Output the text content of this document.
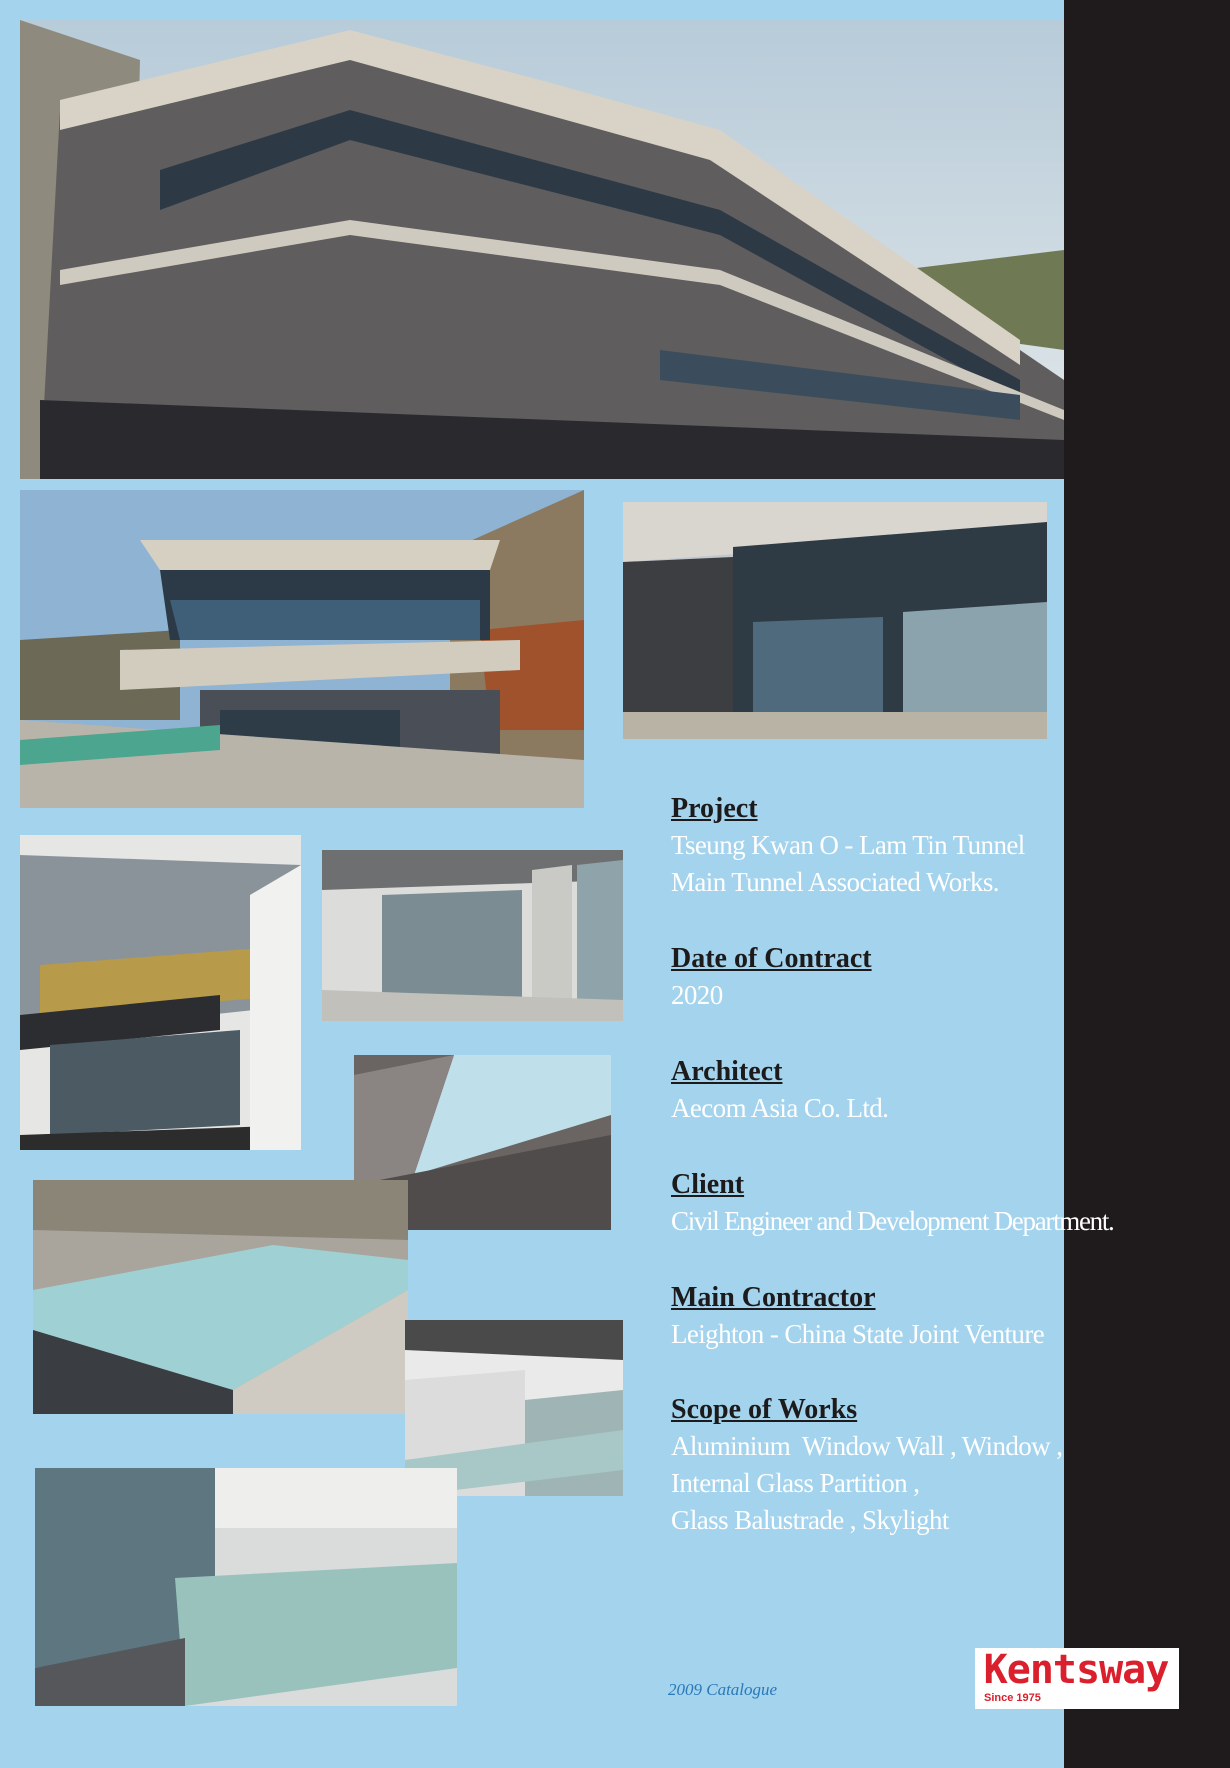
Project
Tseung Kwan O - Lam Tin Tunnel
Main Tunnel Associated Works.
Date of Contract
2020
Architect
Aecom Asia Co. Ltd.
Client
Civil Engineer and Development Department.
Main Contractor
Leighton - China State Joint Venture
Scope of Works
Aluminium  Window Wall , Window ,
Internal Glass Partition ,
Glass Balustrade , Skylight
2009 Catalogue	Kentsway
Since 1975
